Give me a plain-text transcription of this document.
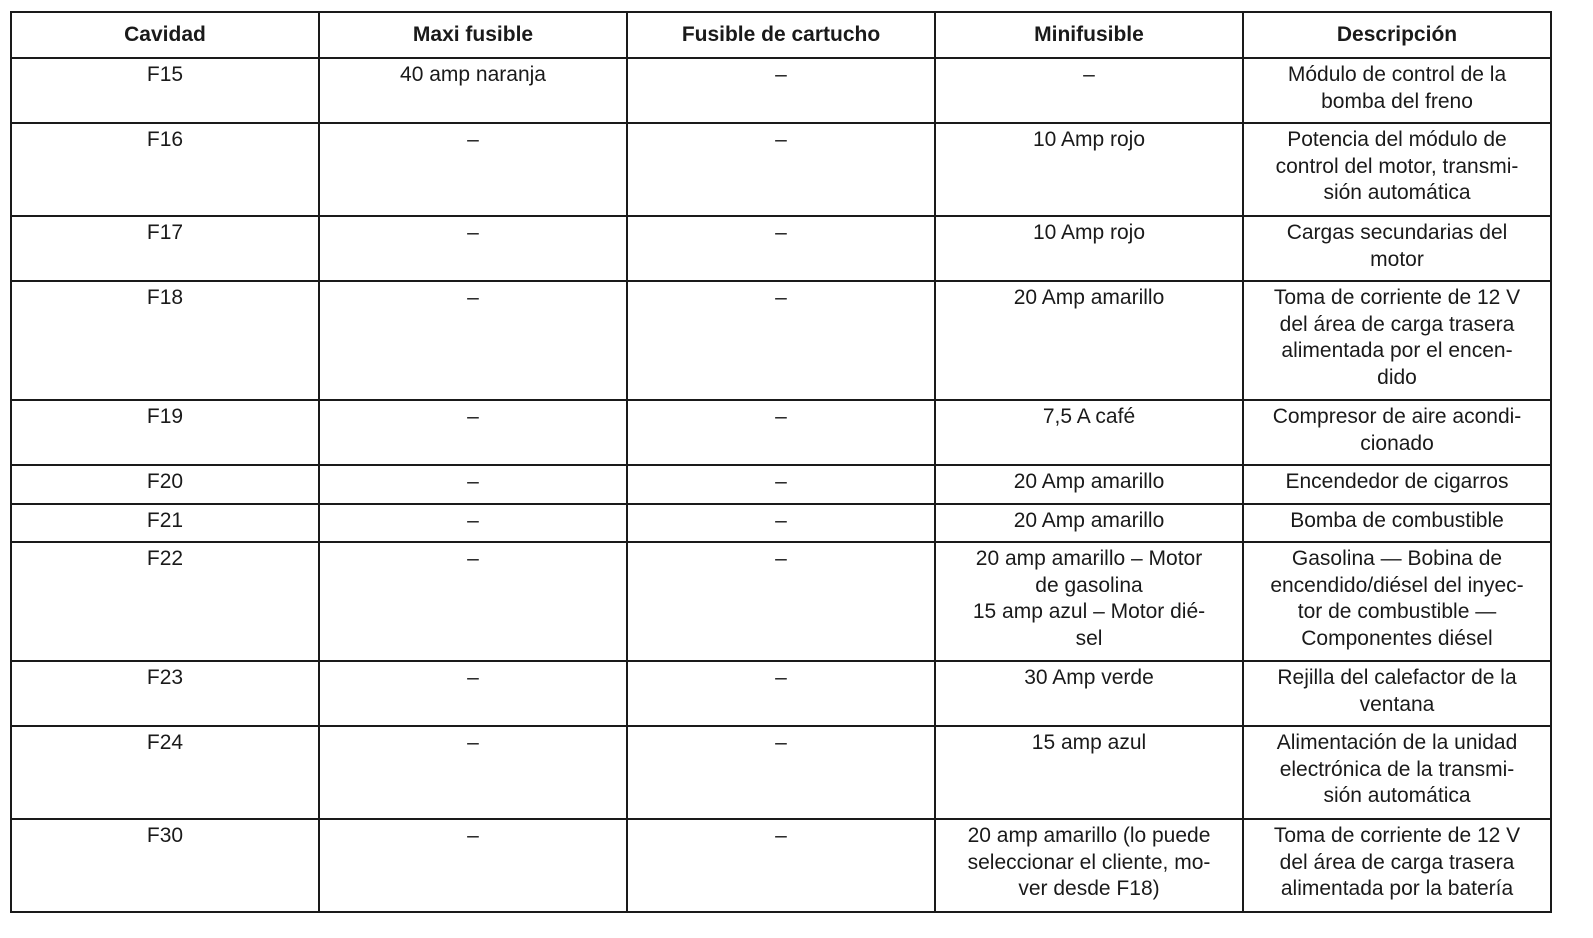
Cavidad	Maxi fusible	Fusible de cartucho	Minifusible	Descripción
F15	40 amp naranja	–	–	Módulo de control de la
bomba del freno

F16	–	–	10 Amp rojo	Potencia del módulo de
control del motor, transmi-
sión automática

F17	–	–	10 Amp rojo	Cargas secundarias del
motor

F18	–	–	20 Amp amarillo	Toma de corriente de 12 V
del área de carga trasera
alimentada por el encen-
dido

F19	–	–	7,5 A café	Compresor de aire acondi-
cionado

F20	–	–	20 Amp amarillo	Encendedor de cigarros

F21	–	–	20 Amp amarillo	Bomba de combustible

F22	–	–	20 amp amarillo – Motor
de gasolina
15 amp azul – Motor dié-
sel	Gasolina — Bobina de
encendido/diésel del inyec-
tor de combustible —
Componentes diésel

F23	–	–	30 Amp verde	Rejilla del calefactor de la
ventana

F24	–	–	15 amp azul	Alimentación de la unidad
electrónica de la transmi-
sión automática

F30	–	–	20 amp amarillo (lo puede
seleccionar el cliente, mo-
ver desde F18)	Toma de corriente de 12 V
del área de carga trasera
alimentada por la batería
